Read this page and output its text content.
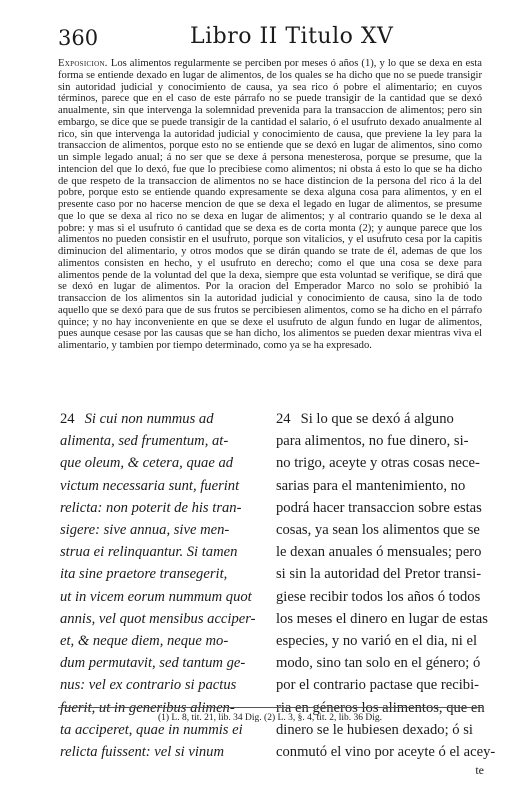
360	Libro II Titulo XV
Exposicion. Los alimentos regularmente se perciben por meses ó años (1), y lo que se dexa en esta forma se entiende dexado en lugar de alimentos, de los quales se ha dicho que no se puede transigir sin autoridad judicial y conocimiento de causa, ya sea rico ó pobre el alimentario; en cuyos términos, parece que en el caso de este párrafo no se puede transigir de la cantidad que se dexó anualmente, sin que intervenga la solemnidad prevenida para la transaccion de alimentos; pero sin embargo, se dice que se puede transigir de la cantidad el salario, ó el usufruto dexado anualmente al rico, sin que intervenga la autoridad judicial y conocimiento de causa, que previene la ley para la transaccion de alimentos, porque esto no se entiende que se dexó en lugar de alimentos, sino como un simple legado anual; á no ser que se dexe á persona menesterosa, porque se presume, que la intencion del que lo dexó, fue que lo precibiese como alimentos; ni obsta á esto lo que se ha dicho de que respeto de la transaccion de alimentos no se hace distincion de la persona del rico á la del pobre, porque esto se entiende quando expresamente se dexa alguna cosa para alimentos, y en el presente caso por no hacerse mencion de que se dexa el legado en lugar de alimentos, se presume que lo que se dexa al rico no se dexa en lugar de alimentos; y al contrario quando se le dexa al pobre: y mas si el usufruto ó cantidad que se dexa es de corta monta (2); y aunque parece que los alimentos no pueden consistir en el usufruto, porque son vitalicios, y el usufruto cesa por la capitis diminucion del alimentario, y otros modos que se dirán quando se trate de él, ademas de que los alimentos consisten en hecho, y el usufruto en derecho; como el que una cosa se dexe para alimentos pende de la voluntad del que la dexa, siempre que esta voluntad se verifique, se dirá que se dexó en lugar de alimentos. Por la oracion del Emperador Marco no solo se prohibió la transaccion de los alimentos sin la autoridad judicial y conocimiento de causa, sino la de todo aquello que se dexó para que de sus frutos se percibiesen alimentos, como se ha dicho en el párrafo quince; y no hay inconveniente en que se dexe el usufruto de algun fundo en lugar de alimentos, pues aunque cesase por las causas que se han dicho, los alimentos se pueden dexar mientras viva el alimentario, y tambien por tiempo determinado, como ya se ha expresado.
24 Si cui non nummus ad
alimenta, sed frumentum, at-
que oleum, & cetera, quae ad
victum necessaria sunt, fuerint
relicta: non poterit de his tran-
sigere: sive annua, sive men-
strua ei relinquantur. Si tamen
ita sine praetore transegerit,
ut in vicem eorum nummum quot
annis, vel quot mensibus acciper-
et, & neque diem, neque mo-
dum permutavit, sed tantum ge-
nus: vel ex contrario si pactus
fuerit, ut in generibus alimen-
ta acciperet, quae in nummis ei
relicta fuissent: vel si vinum
24 Si lo que se dexó á alguno
para alimentos, no fue dinero, si-
no trigo, aceyte y otras cosas nece-
sarias para el mantenimiento, no
podrá hacer transaccion sobre estas
cosas, ya sean los alimentos que se
le dexan anuales ó mensuales; pero
si sin la autoridad del Pretor transi-
giese recibir todos los años ó todos
los meses el dinero en lugar de estas
especies, y no varió en el dia, ni el
modo, sino tan solo en el género; ó
por el contrario pactase que recibi-
ria en géneros los alimentos, que en
dinero se le hubiesen dexado; ó si
conmutó el vino por aceyte ó el acey-
te
(1) L. 8, tit. 21, lib. 34 Dig. (2) L. 3, §. 4, tit. 2, lib. 36 Dig.
